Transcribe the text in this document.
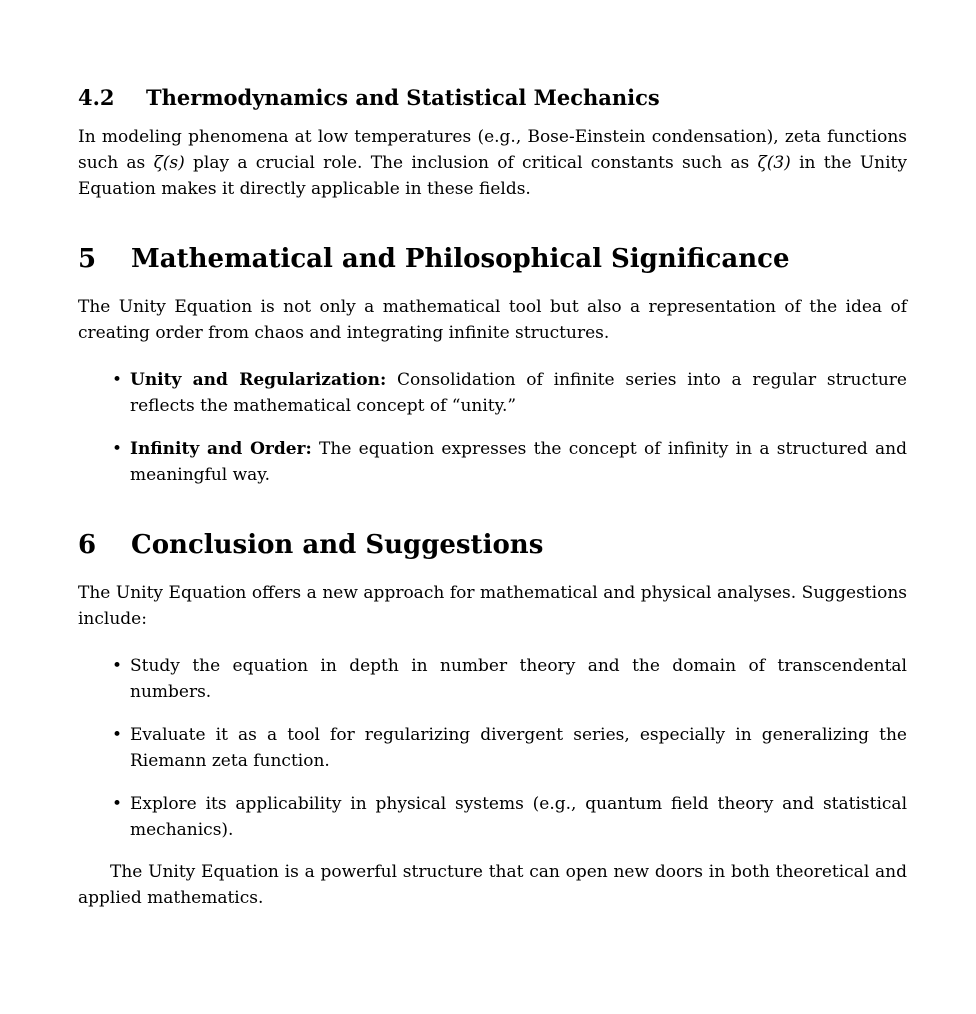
4.2 Thermodynamics and Statistical Mechanics

In modeling phenomena at low temperatures (e.g., Bose-Einstein condensation), zeta functions such as ζ(s) play a crucial role. The inclusion of critical constants such as ζ(3) in the Unity Equation makes it directly applicable in these fields.

5 Mathematical and Philosophical Significance

The Unity Equation is not only a mathematical tool but also a representation of the idea of creating order from chaos and integrating infinite structures.

• Unity and Regularization: Consolidation of infinite series into a regular structure reflects the mathematical concept of “unity.”
• Infinity and Order: The equation expresses the concept of infinity in a structured and meaningful way.
6 Conclusion and Suggestions

The Unity Equation offers a new approach for mathematical and physical analyses. Suggestions include:

• Study the equation in depth in number theory and the domain of transcendental numbers.
• Evaluate it as a tool for regularizing divergent series, especially in generalizing the Riemann zeta function.
• Explore its applicability in physical systems (e.g., quantum field theory and statistical mechanics).

The Unity Equation is a powerful structure that can open new doors in both theoretical and applied mathematics.
